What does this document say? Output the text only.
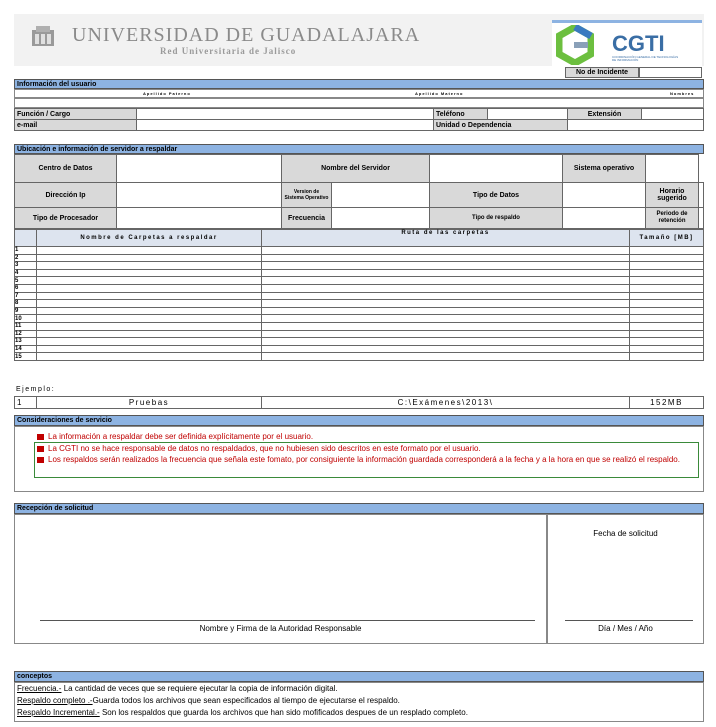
UNIVERSIDAD DE GUADALAJARA
Red Universitaria de Jalisco	CGTI
COORDINACIÓN GENERAL DE TECNOLOGÍAS DE INFORMACIÓN
No de Incidente
Información del usuario
Apellido Paterno	Apellido Materno	Nombres
Función / Cargo		Teléfono		Extensión	
e-mail		Unidad o Dependencia			
Ubicación e información de servidor a respaldar
Centro de Datos		Nombre del Servidor			Sistema operativo		
Dirección Ip		Version de Sistema Operativo		Tipo de Datos		Horario sugerido	
Tipo de Procesador		Frecuencia		Tipo de respaldo		Periodo de retención	
	Nombre de Carpetas a respaldar	Ruta de las carpetas	Tamaño [MB]
1			
2			
3			
4			
5			
6			
7			
8			
9			
10			
11			
12			
13			
14			
15			
Ejemplo:
1	Pruebas	C:\Exámenes\2013\	152MB
Consideraciones de servicio
La información a respaldar debe ser definida explícitamente por el usuario.
La CGTI no se hace responsable de datos no respaldados, que no hubiesen sido descritos en este formato por el usuario.
Los respaldos serán realizados la frecuencia que señala este fomato, por consiguiente la información guardada corresponderá a la fecha y a la hora en que se realizó el respaldo.
Recepción de solicitud
Fecha de solicitud
Nombre y Firma de la Autoridad Responsable	Día / Mes / Año
conceptos
Frecuencia.- La cantidad de veces que se requiere ejecutar la copia de información digital.
Respaldo completo .-Guarda todos los archivos que sean especificados al tiempo de ejecutarse el respaldo.
Respaldo Incremental.- Son los respaldos que guarda los archivos que han sido mofificados despues de un resplado completo.
